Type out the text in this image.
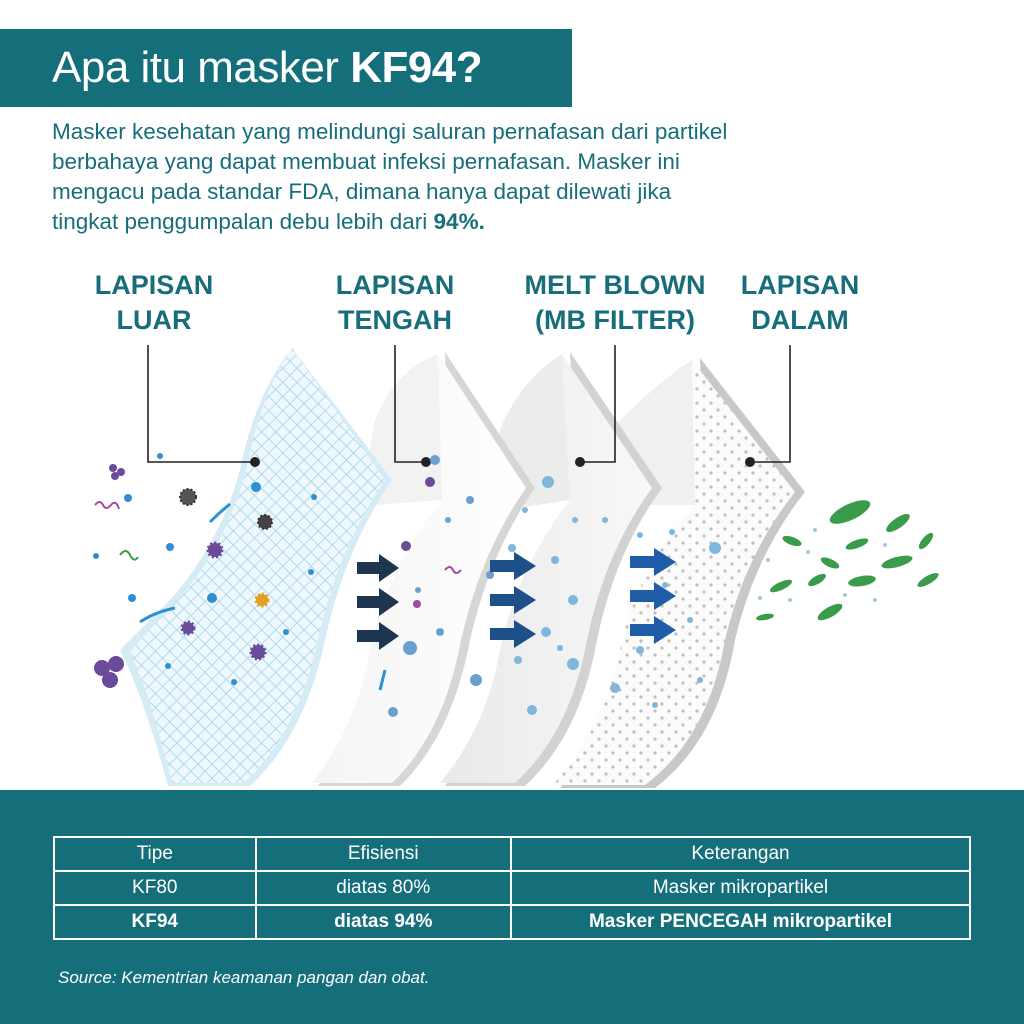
Apa itu masker KF94?
Masker kesehatan yang melindungi saluran pernafasan dari partikel
berbahaya yang dapat membuat infeksi pernafasan. Masker ini
mengacu pada standar FDA, dimana hanya dapat dilewati jika
tingkat penggumpalan debu lebih dari 94%.
LAPISAN
LUAR
LAPISAN
TENGAH
MELT BLOWN
(MB FILTER)
LAPISAN
DALAM
Tipe	Efisiensi	Keterangan
KF80	diatas 80%	Masker mikropartikel
KF94	diatas 94%	Masker PENCEGAH mikropartikel
Source: Kementrian keamanan pangan dan obat.
